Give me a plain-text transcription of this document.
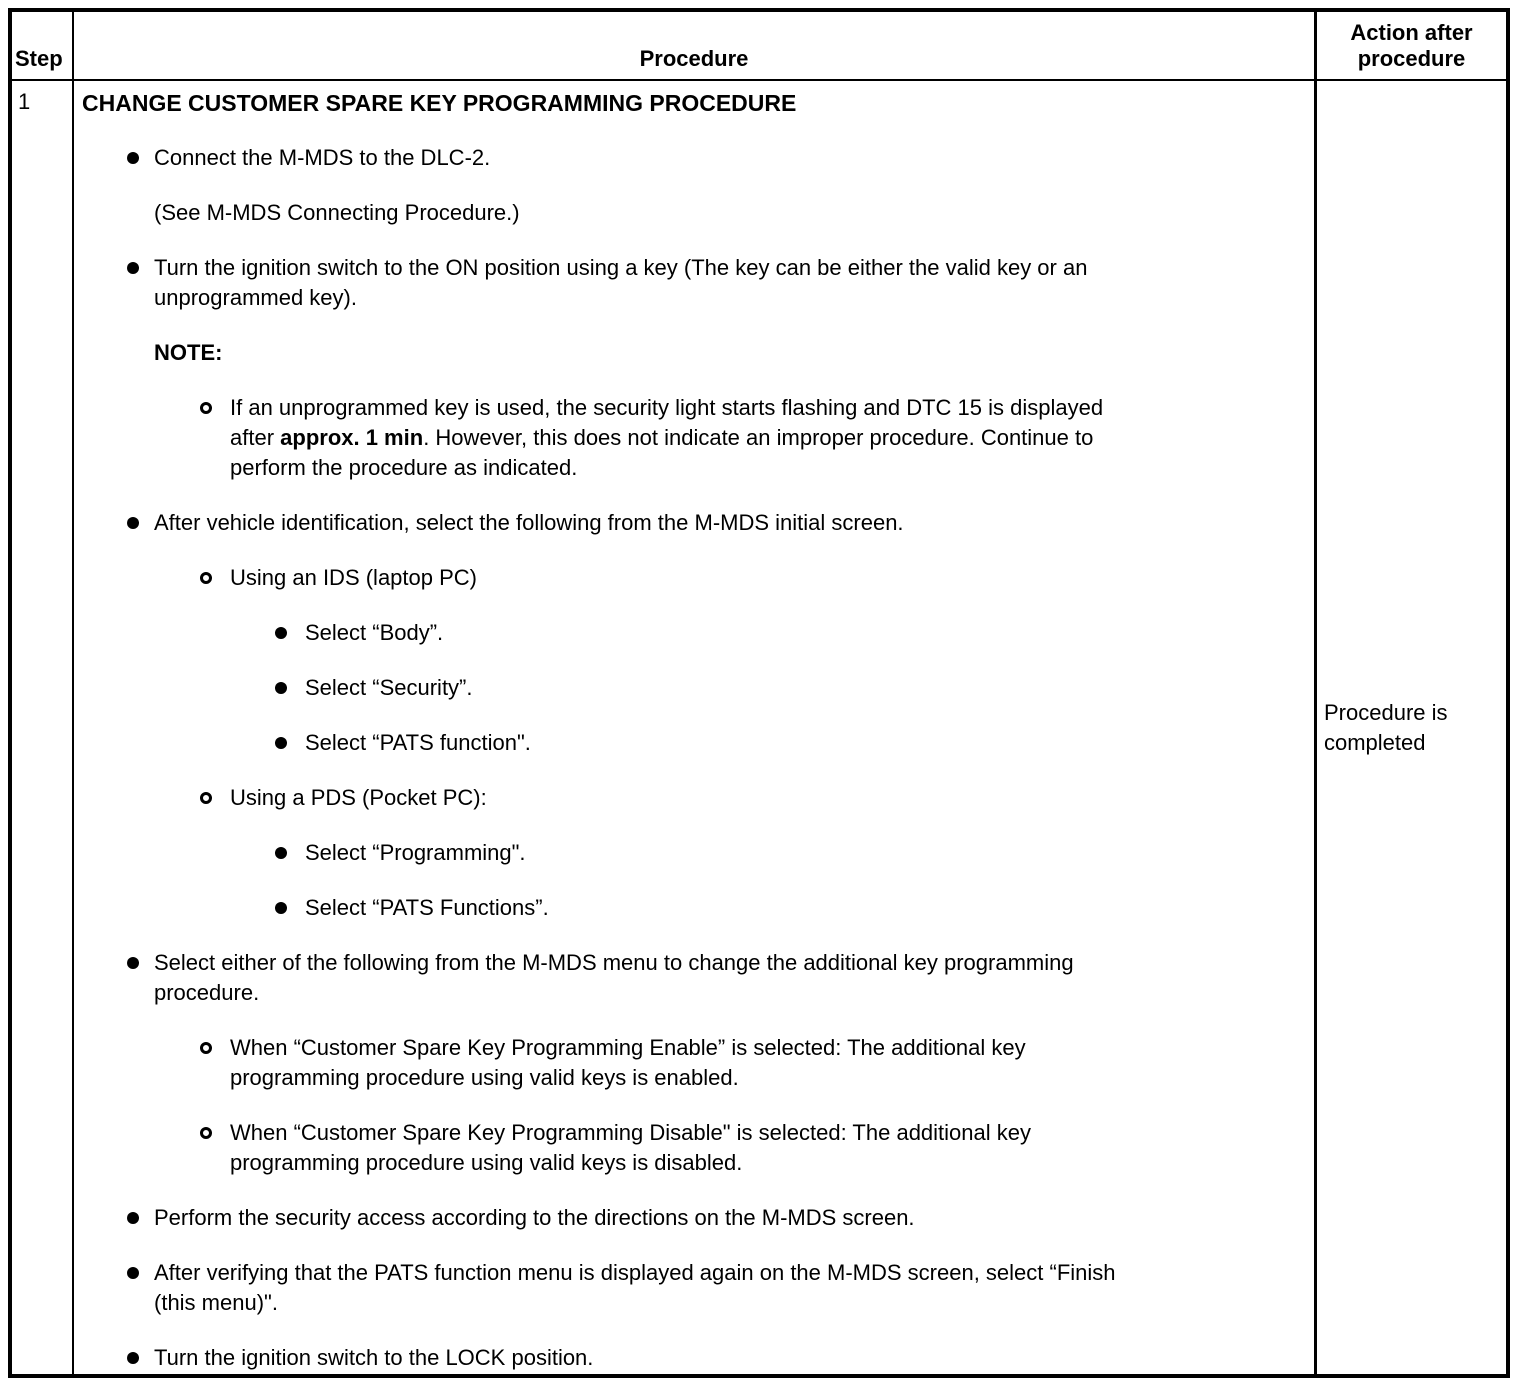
Step	Procedure
Action after procedure
1	CHANGE CUSTOMER SPARE KEY PROGRAMMING PROCEDURE
Connect the M-MDS to the DLC-2.
(See M-MDS Connecting Procedure.)
Turn the ignition switch to the ON position using a key (The key can be either the valid key or an
unprogrammed key).
NOTE:
If an unprogrammed key is used, the security light starts flashing and DTC 15 is displayed
after approx. 1 min. However, this does not indicate an improper procedure. Continue to
perform the procedure as indicated.
After vehicle identification, select the following from the M-MDS initial screen.
Using an IDS (laptop PC)
Select “Body”.
Select “Security”.
Select “PATS function".
Using a PDS (Pocket PC):
Select “Programming".
Select “PATS Functions”.
Select either of the following from the M-MDS menu to change the additional key programming
procedure.
When “Customer Spare Key Programming Enable” is selected: The additional key
programming procedure using valid keys is enabled.
When “Customer Spare Key Programming Disable" is selected: The additional key
programming procedure using valid keys is disabled.
Perform the security access according to the directions on the M-MDS screen.
After verifying that the PATS function menu is displayed again on the M-MDS screen, select “Finish
(this menu)".
Turn the ignition switch to the LOCK position.
Procedure is completed
